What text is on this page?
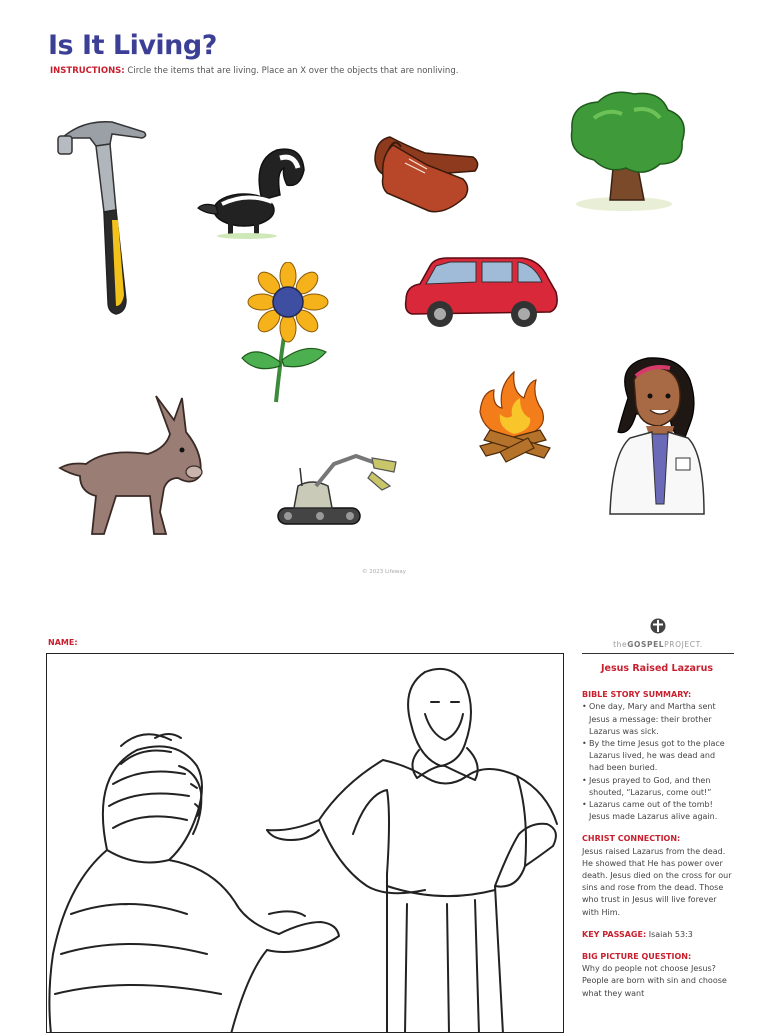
Is It Living?
INSTRUCTIONS: Circle the items that are living. Place an X over the objects that are nonliving.
© 2023 Lifeway
NAME:	theGOSPELPROJECT.
Jesus Raised Lazarus
BIBLE STORY SUMMARY:
• One day, Mary and Martha sent Jesus a message: their brother Lazarus was sick.
• By the time Jesus got to the place Lazarus lived, he was dead and had been buried.
• Jesus prayed to God, and then shouted, “Lazarus, come out!”
• Lazarus came out of the tomb! Jesus made Lazarus alive again.
CHRIST CONNECTION:

Jesus raised Lazarus from the dead. He showed that He has power over death. Jesus died on the cross for our sins and rose from the dead. Those who trust in Jesus will live forever with Him.

KEY PASSAGE: Isaiah 53:3

BIG PICTURE QUESTION:

Why do people not choose Jesus? People are born with sin and choose what they want
